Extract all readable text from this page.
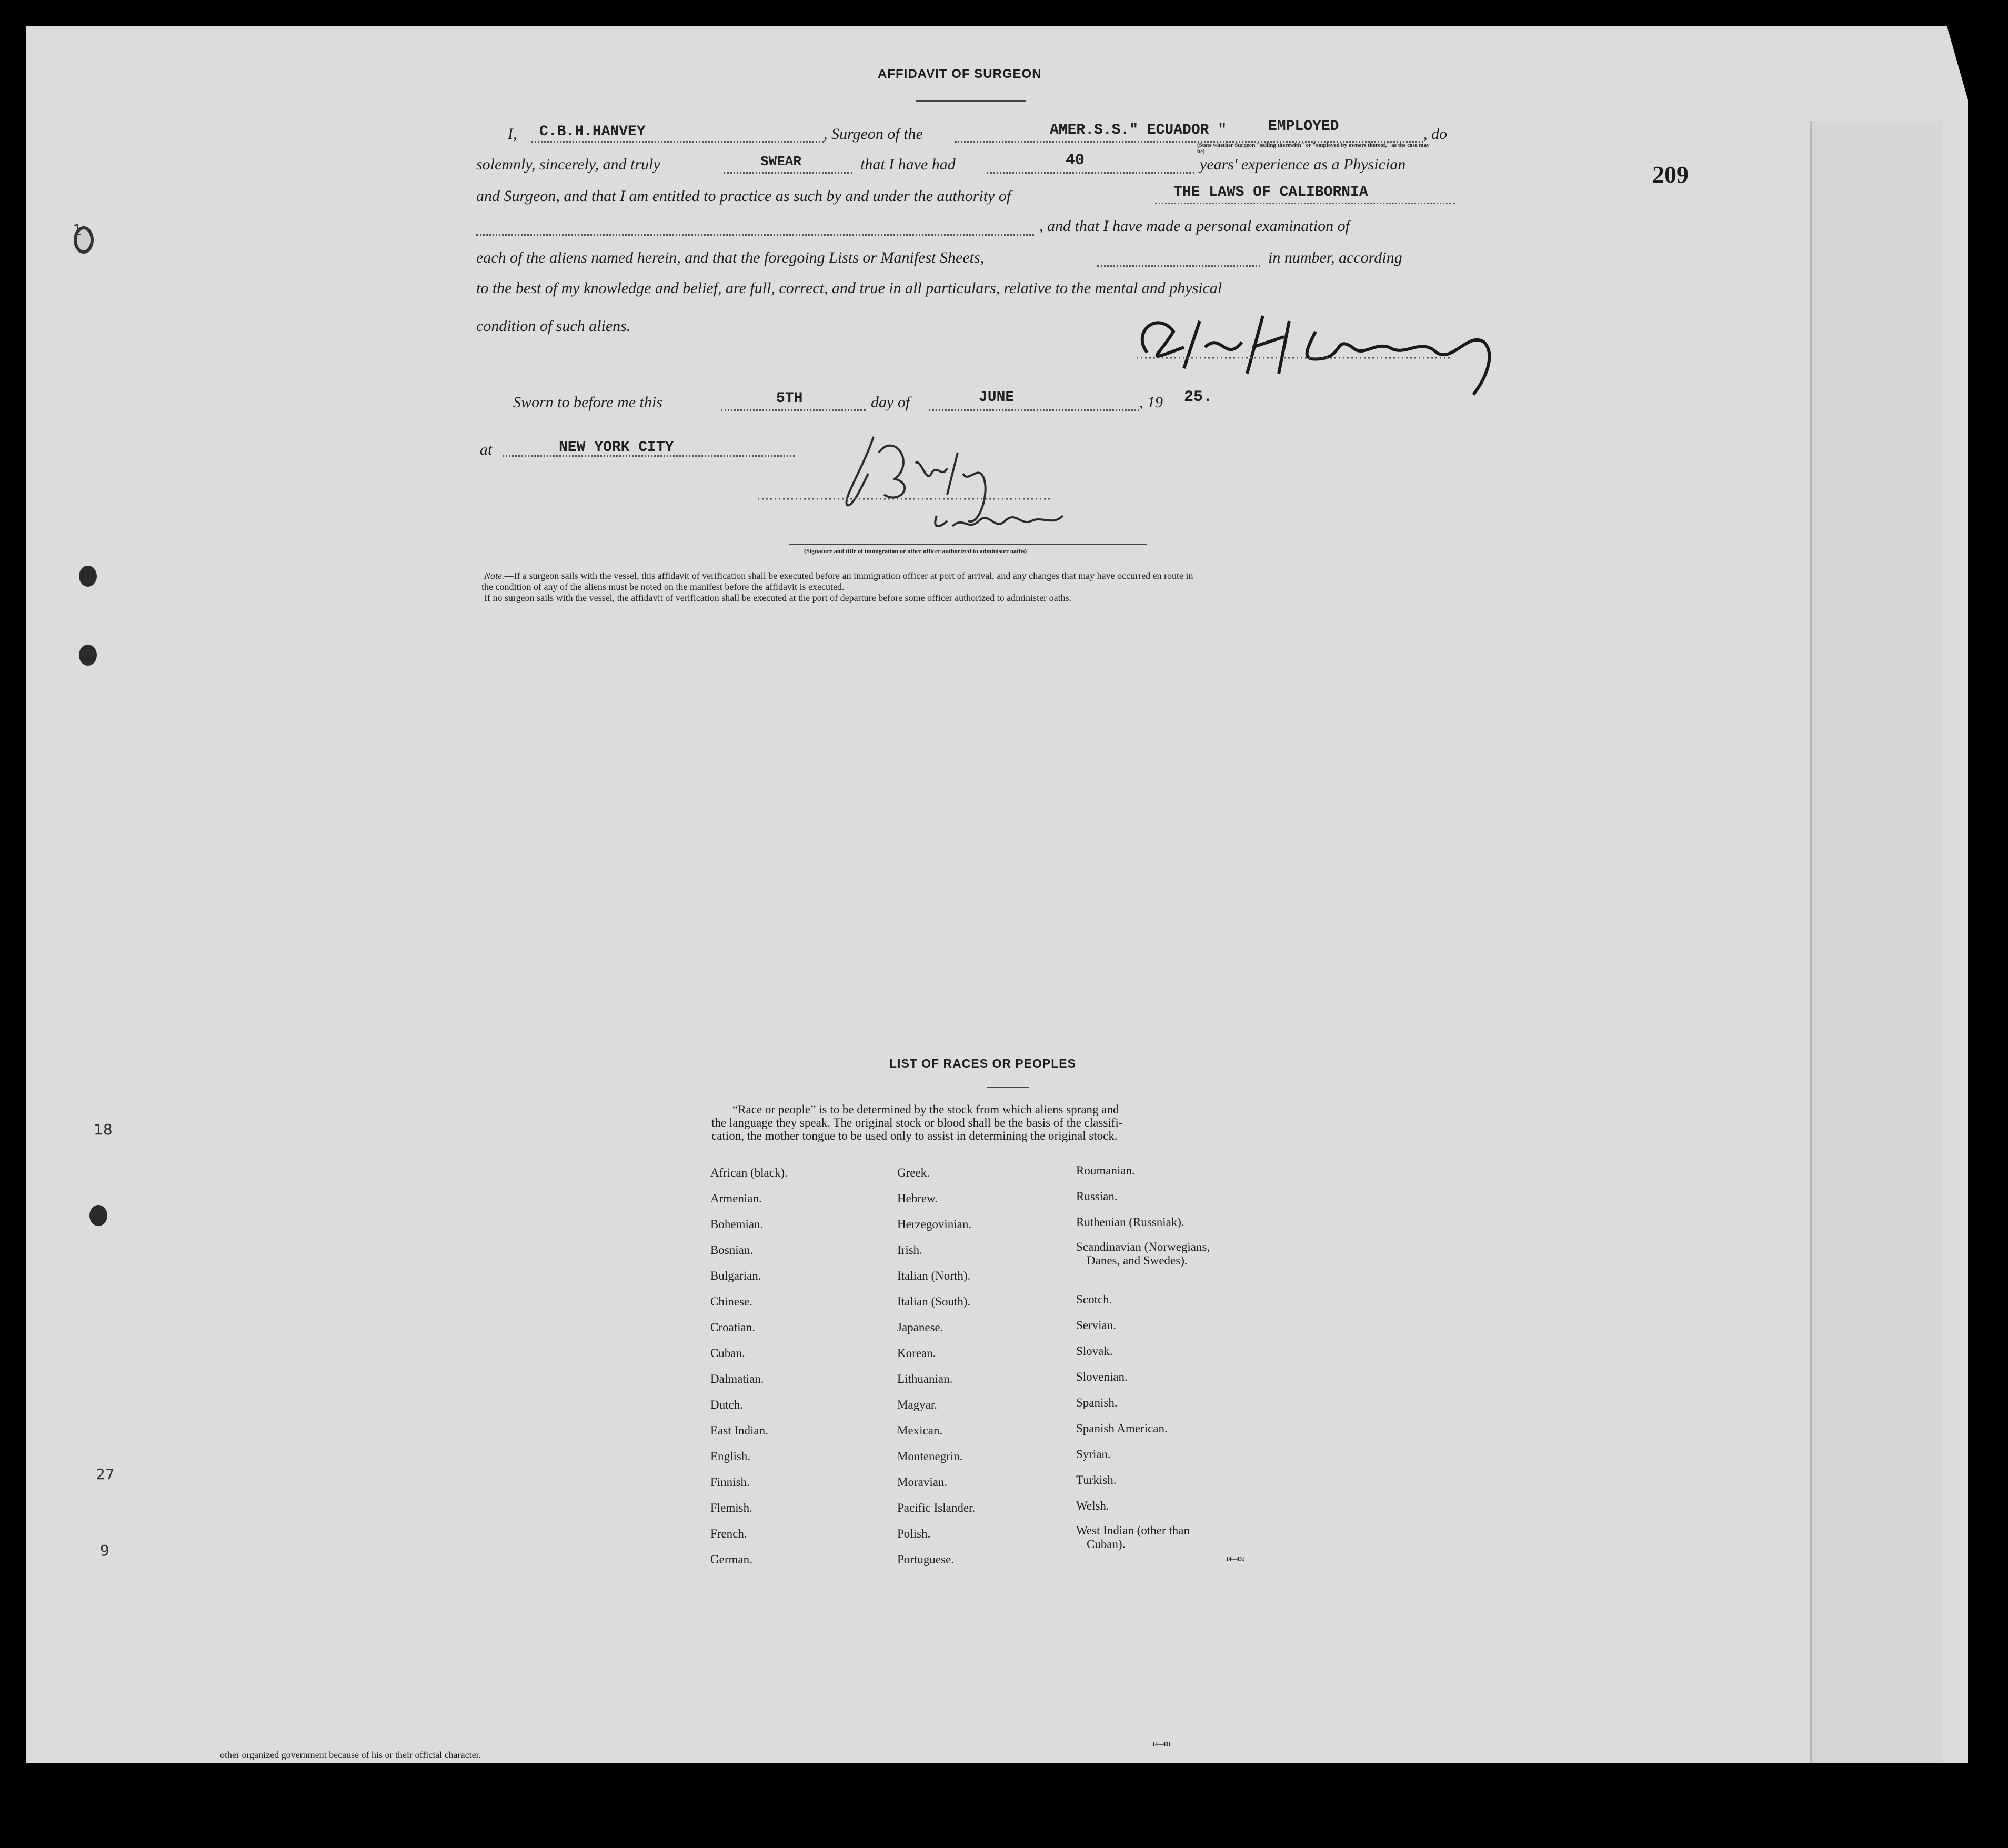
1
18
27
9
209
AFFIDAVIT OF SURGEON
I, C.B.H.HANVEY	, Surgeon of the	AMER.S.S." ECUADOR "	EMPLOYED	, do
(State whether Surgeon "sailing therewith" or "employed by owners thereof," as the case may be)
solemnly, sincerely, and truly	SWEAR	that I have had	40	years' experience as a Physician
and Surgeon, and that I am entitled to practice as such by and under the authority of	THE LAWS OF CALIBORNIA
, and that I have made a personal examination of
each of the aliens named herein, and that the foregoing Lists or Manifest Sheets,	in number, according
to the best of my knowledge and belief, are full, correct, and true in all particulars, relative to the mental and physical
condition of such aliens.
Sworn to before me this	5TH	day of	JUNE	, 19 25.
at	NEW YORK CITY
(Signature and title of immigration or other officer authorized to administer oaths)
Note.—If a surgeon sails with the vessel, this affidavit of verification shall be executed before an immigration officer at port of arrival, and any changes that may have occurred en route in
the condition of any of the aliens must be noted on the manifest before the affidavit is executed.
If no surgeon sails with the vessel, the affidavit of verification shall be executed at the port of departure before some officer authorized to administer oaths.
LIST OF RACES OR PEOPLES
“Race or people” is to be determined by the stock from which aliens sprang and
the language they speak. The original stock or blood shall be the basis of the classifi-
cation, the mother tongue to be used only to assist in determining the original stock.
African (black).
Armenian.
Bohemian.
Bosnian.
Bulgarian.
Chinese.
Croatian.
Cuban.
Dalmatian.
Dutch.
East Indian.
English.
Finnish.
Flemish.
French.
German.
Greek.
Hebrew.
Herzegovinian.
Irish.
Italian (North).
Italian (South).
Japanese.
Korean.
Lithuanian.
Magyar.
Mexican.
Montenegrin.
Moravian.
Pacific Islander.
Polish.
Portuguese.
Roumanian.
Russian.
Ruthenian (Russniak).
Scandinavian (Norwegians,
Danes, and Swedes).
Scotch.
Servian.
Slovak.
Slovenian.
Spanish.
Spanish American.
Syrian.
Turkish.
Welsh.
West Indian (other than
Cuban).
14—431
other organized government because of his or their official character.
14—431
